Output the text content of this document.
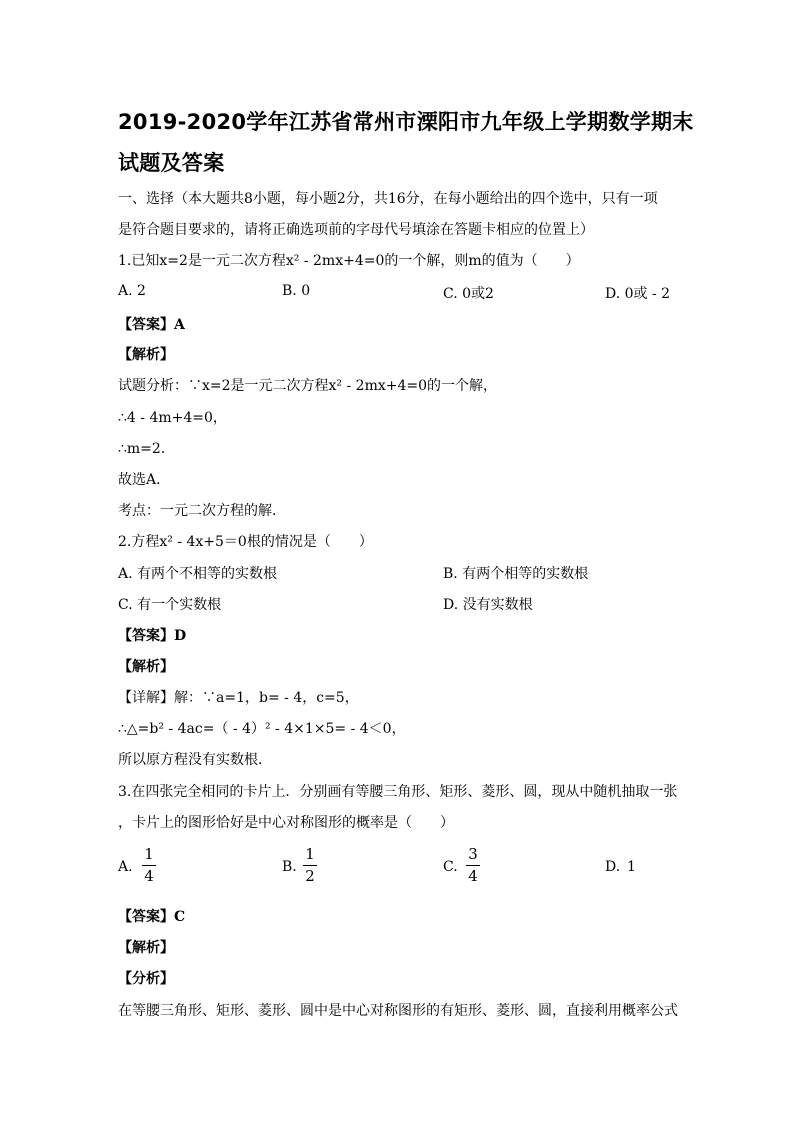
2019-2020学年江苏省常州市溧阳市九年级上学期数学期末
试题及答案
一、选择（本大题共8小题，每小题2分，共16分，在每小题给出的四个选中，只有一项
是符合题目要求的，请将正确选项前的字母代号填涂在答题卡相应的位置上）
1.已知x=2是一元二次方程x² - 2mx+4=0的一个解，则m的值为（　　）
A. 2	B. 0	C. 0或2	D. 0或 - 2
【答案】A
【解析】
试题分析：∵x=2是一元二次方程x² - 2mx+4=0的一个解，
∴4 - 4m+4=0，
∴m=2．
故选A．
考点：一元二次方程的解．
2.方程x² - 4x+5＝0根的情况是（　　）
A. 有两个不相等的实数根	B. 有两个相等的实数根
C. 有一个实数根	D. 没有实数根
【答案】D
【解析】
【详解】解：∵a=1，b= - 4，c=5，
∴△=b² - 4ac=（ - 4）² - 4×1×5= - 4＜0，
所以原方程没有实数根．
3.在四张完全相同的卡片上．分别画有等腰三角形、矩形、菱形、圆，现从中随机抽取一张
，卡片上的图形恰好是中心对称图形的概率是（　　）
A.
1
4	B.
1
2	C.
3
4	D. 1
【答案】C
【解析】
【分析】
在等腰三角形、矩形、菱形、圆中是中心对称图形的有矩形、菱形、圆，直接利用概率公式
